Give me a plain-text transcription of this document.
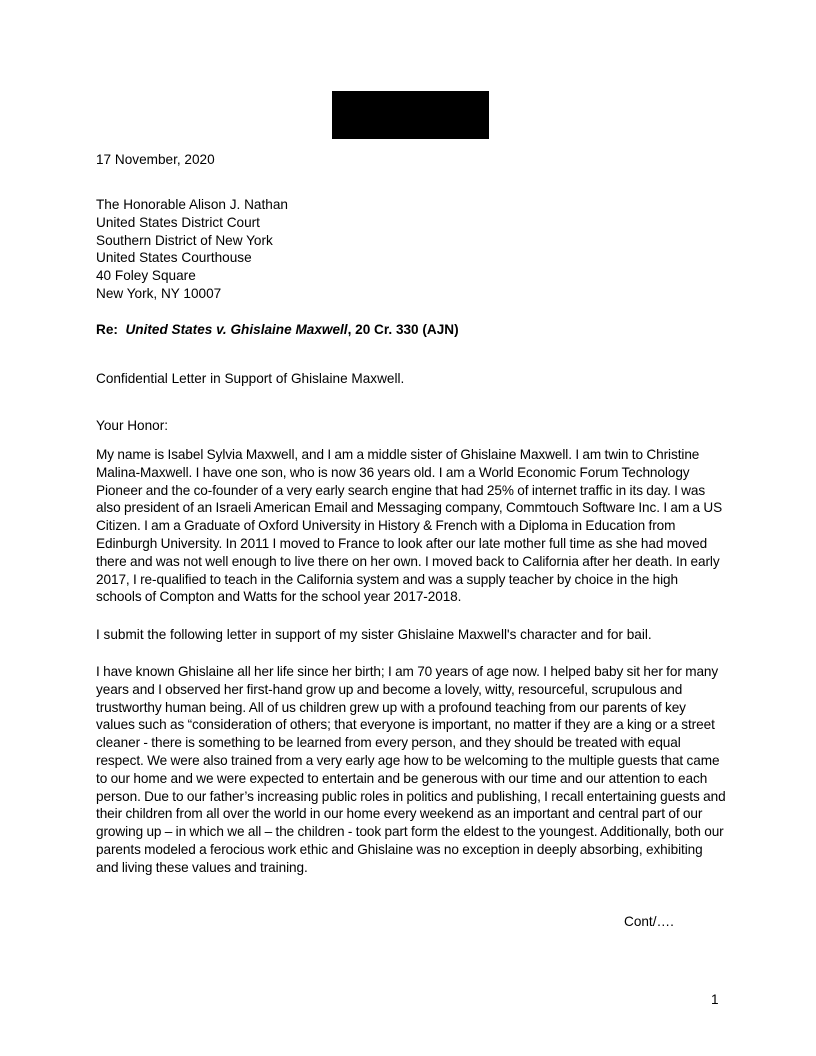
17 November, 2020

The Honorable Alison J. Nathan
United States District Court
Southern District of New York
United States Courthouse
40 Foley Square
New York, NY 10007

Re: United States v. Ghislaine Maxwell, 20 Cr. 330 (AJN)

Confidential Letter in Support of Ghislaine Maxwell.

Your Honor:

My name is Isabel Sylvia Maxwell, and I am a middle sister of Ghislaine Maxwell. I am twin to Christine Malina-Maxwell. I have one son, who is now 36 years old. I am a World Economic Forum Technology Pioneer and the co-founder of a very early search engine that had 25% of internet traffic in its day. I was also president of an Israeli American Email and Messaging company, Commtouch Software Inc. I am a US Citizen. I am a Graduate of Oxford University in History & French with a Diploma in Education from Edinburgh University. In 2011 I moved to France to look after our late mother full time as she had moved there and was not well enough to live there on her own. I moved back to California after her death. In early 2017, I re-qualified to teach in the California system and was a supply teacher by choice in the high schools of Compton and Watts for the school year 2017-2018.

I submit the following letter in support of my sister Ghislaine Maxwell's character and for bail.

I have known Ghislaine all her life since her birth; I am 70 years of age now. I helped baby sit her for many years and I observed her first-hand grow up and become a lovely, witty, resourceful, scrupulous and trustworthy human being. All of us children grew up with a profound teaching from our parents of key values such as “consideration of others; that everyone is important, no matter if they are a king or a street cleaner - there is something to be learned from every person, and they should be treated with equal respect. We were also trained from a very early age how to be welcoming to the multiple guests that came to our home and we were expected to entertain and be generous with our time and our attention to each person. Due to our father’s increasing public roles in politics and publishing, I recall entertaining guests and their children from all over the world in our home every weekend as an important and central part of our growing up – in which we all – the children - took part form the eldest to the youngest. Additionally, both our parents modeled a ferocious work ethic and Ghislaine was no exception in deeply absorbing, exhibiting and living these values and training.

Cont/….
1
